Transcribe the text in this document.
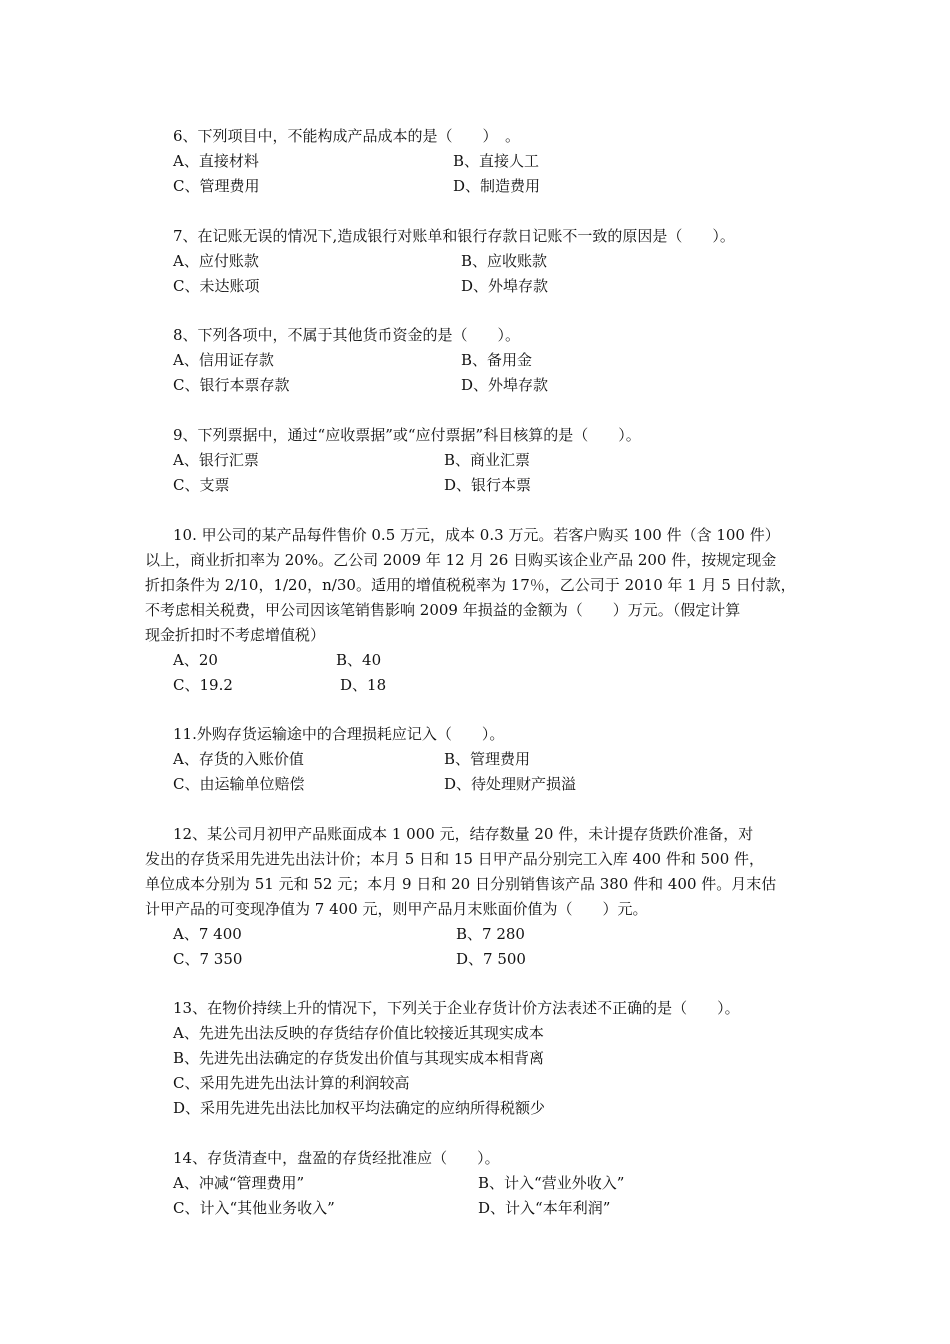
6、下列项目中，不能构成产品成本的是（　　）　。
A、直接材料	B、直接人工
C、管理费用	D、制造费用
7、在记账无误的情况下,造成银行对账单和银行存款日记账不一致的原因是（　　）。
A、应付账款	B、应收账款
C、未达账项	D、外埠存款
8、下列各项中，不属于其他货币资金的是（　　）。
A、信用证存款	B、备用金
C、银行本票存款	D、外埠存款
9、下列票据中，通过“应收票据”或“应付票据”科目核算的是（　　）。
A、银行汇票	B、商业汇票
C、支票	D、银行本票
10. 甲公司的某产品每件售价 0.5 万元，成本 0.3 万元。若客户购买 100 件（含 100 件）
以上，商业折扣率为 20%。乙公司 2009 年 12 月 26 日购买该企业产品 200 件，按规定现金
折扣条件为 2/10，1/20，n/30。适用的增值税税率为 17％，乙公司于 2010 年 1 月 5 日付款，
不考虑相关税费，甲公司因该笔销售影响 2009 年损益的金额为（　　）万元。（假定计算
现金折扣时不考虑增值税）
A、20	B、40
C、19.2	D、18
11.外购存货运输途中的合理损耗应记入（　　）。
A、存货的入账价值	B、管理费用
C、由运输单位赔偿	D、待处理财产损溢
12、某公司月初甲产品账面成本 1 000 元，结存数量 20 件，未计提存货跌价准备，对
发出的存货采用先进先出法计价；本月 5 日和 15 日甲产品分别完工入库 400 件和 500 件，
单位成本分别为 51 元和 52 元；本月 9 日和 20 日分别销售该产品 380 件和 400 件。月末估
计甲产品的可变现净值为 7 400 元，则甲产品月末账面价值为（　　）元。
A、7 400	B、7 280
C、7 350	D、7 500
13、在物价持续上升的情况下，下列关于企业存货计价方法表述不正确的是（　　）。
A、先进先出法反映的存货结存价值比较接近其现实成本
B、先进先出法确定的存货发出价值与其现实成本相背离
C、采用先进先出法计算的利润较高
D、采用先进先出法比加权平均法确定的应纳所得税额少
14、存货清查中，盘盈的存货经批准应（　　）。
A、冲减“管理费用”	B、计入“营业外收入”
C、计入“其他业务收入”	D、计入“本年利润”
